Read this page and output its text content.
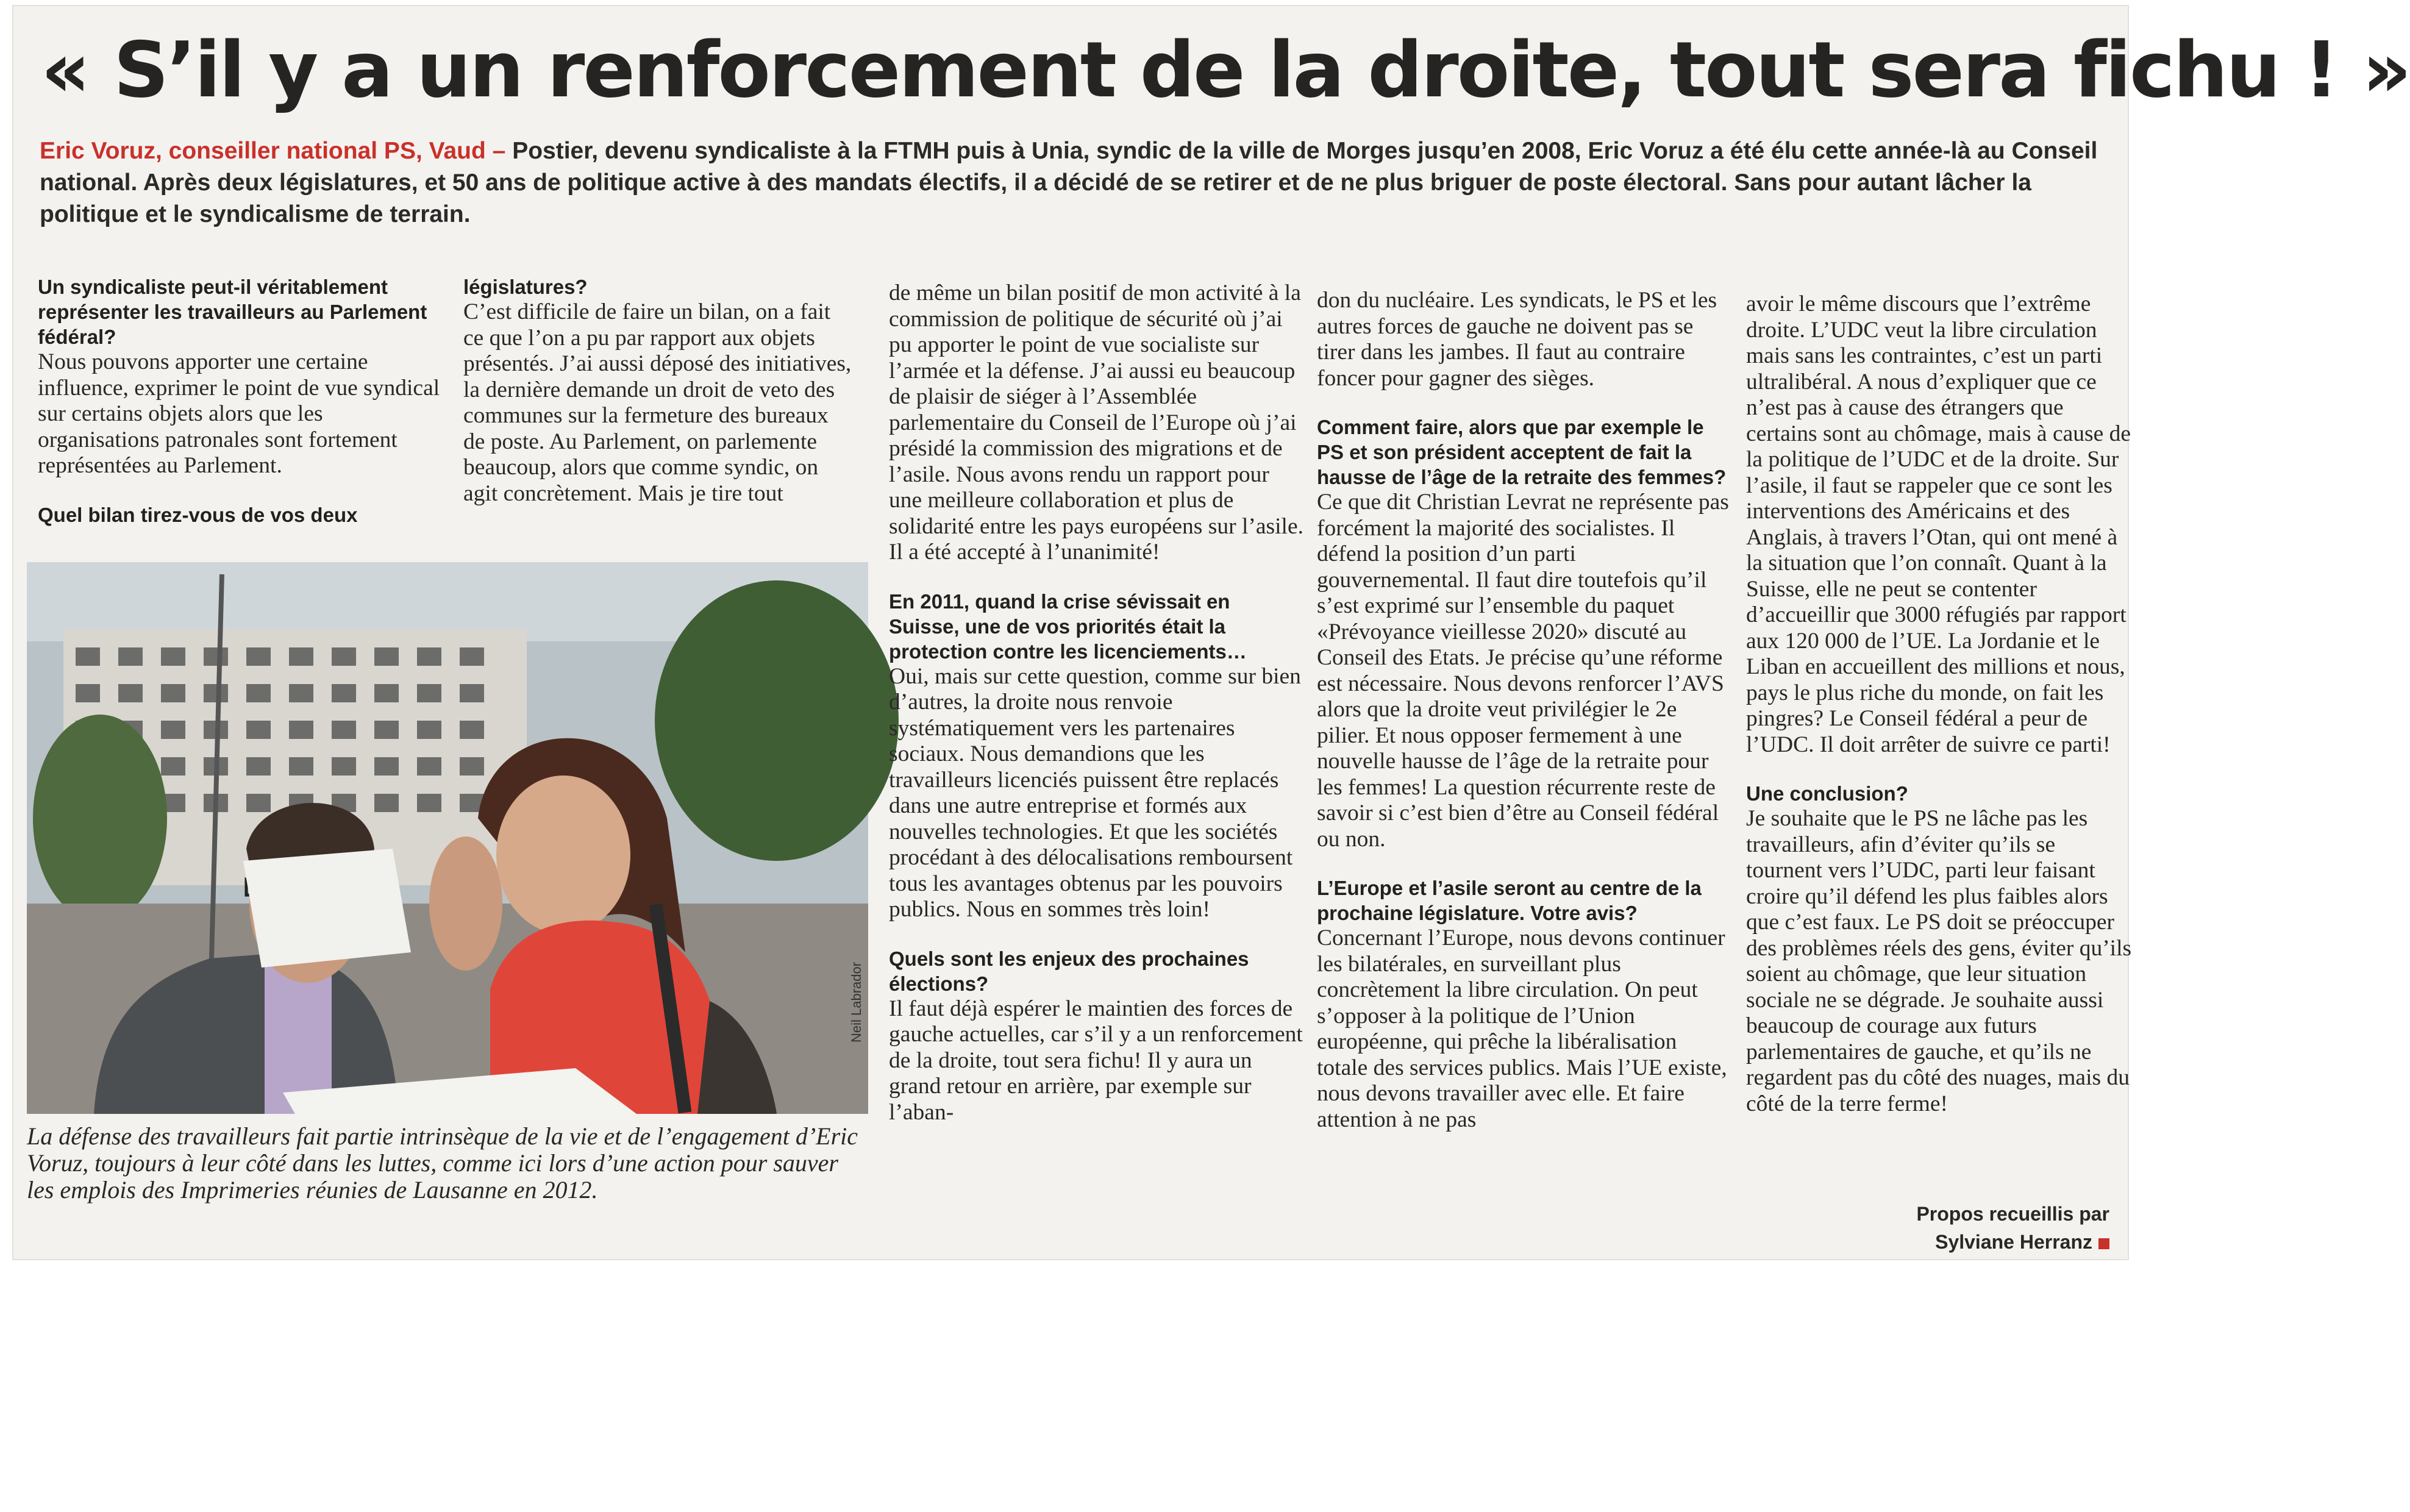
« S’il y a un renforcement de la droite, tout sera fichu ! »

Eric Voruz, conseiller national PS, Vaud – Postier, devenu syndicaliste à la FTMH puis à Unia, syndic de la ville de Morges jusqu’en 2008, Eric Voruz a été élu cette année-là au Conseil national. Après deux législatures, et 50 ans de politique active à des mandats électifs, il a décidé de se retirer et de ne plus briguer de poste électoral. Sans pour autant lâcher la politique et le syndicalisme de terrain.

Un syndicaliste peut-il véritablement représenter les travailleurs au Parlement fédéral?

Nous pouvons apporter une certaine influence, exprimer le point de vue syndical sur certains objets alors que les organisations patronales sont fortement représentées au Parlement.

Quel bilan tirez-vous de vos deux

législatures?

C’est difficile de faire un bilan, on a fait ce que l’on a pu par rapport aux objets présentés. J’ai aussi déposé des initiatives, la dernière demande un droit de veto des communes sur la fermeture des bureaux de poste. Au Parlement, on parlemente beaucoup, alors que comme syndic, on agit concrètement. Mais je tire tout

Neil Labrador

La défense des travailleurs fait partie intrinsèque de la vie et de l’engagement d’Eric Voruz, toujours à leur côté dans les luttes, comme ici lors d’une action pour sauver les emplois des Imprimeries réunies de Lausanne en 2012.

de même un bilan positif de mon activité à la commission de politique de sécurité où j’ai pu apporter le point de vue socialiste sur l’armée et la défense. J’ai aussi eu beaucoup de plaisir de siéger à l’Assemblée parlementaire du Conseil de l’Europe où j’ai présidé la commission des migrations et de l’asile. Nous avons rendu un rapport pour une meilleure collaboration et plus de solidarité entre les pays européens sur l’asile. Il a été accepté à l’unanimité!

En 2011, quand la crise sévissait en Suisse, une de vos priorités était la protection contre les licenciements…

Oui, mais sur cette question, comme sur bien d’autres, la droite nous renvoie systématiquement vers les partenaires sociaux. Nous demandions que les travailleurs licenciés puissent être replacés dans une autre entreprise et formés aux nouvelles technologies. Et que les sociétés procédant à des délocalisations remboursent tous les avantages obtenus par les pouvoirs publics. Nous en sommes très loin!

Quels sont les enjeux des prochaines élections?

Il faut déjà espérer le maintien des forces de gauche actuelles, car s’il y a un renforcement de la droite, tout sera fichu! Il y aura un grand retour en arrière, par exemple sur l’aban-

don du nucléaire. Les syndicats, le PS et les autres forces de gauche ne doivent pas se tirer dans les jambes. Il faut au contraire foncer pour gagner des sièges.

Comment faire, alors que par exemple le PS et son président acceptent de fait la hausse de l’âge de la retraite des femmes?

Ce que dit Christian Levrat ne représente pas forcément la majorité des socialistes. Il défend la position d’un parti gouvernemental. Il faut dire toutefois qu’il s’est exprimé sur l’ensemble du paquet «Prévoyance vieillesse 2020» discuté au Conseil des Etats. Je précise qu’une réforme est nécessaire. Nous devons renforcer l’AVS alors que la droite veut privilégier le 2e pilier. Et nous opposer fermement à une nouvelle hausse de l’âge de la retraite pour les femmes! La question récurrente reste de savoir si c’est bien d’être au Conseil fédéral ou non.

L’Europe et l’asile seront au centre de la prochaine législature. Votre avis?

Concernant l’Europe, nous devons continuer les bilatérales, en surveillant plus concrètement la libre circulation. On peut s’opposer à la politique de l’Union européenne, qui prêche la libéralisation totale des services publics. Mais l’UE existe, nous devons travailler avec elle. Et faire attention à ne pas

avoir le même discours que l’extrême droite. L’UDC veut la libre circulation mais sans les contraintes, c’est un parti ultralibéral. A nous d’expliquer que ce n’est pas à cause des étrangers que certains sont au chômage, mais à cause de la politique de l’UDC et de la droite. Sur l’asile, il faut se rappeler que ce sont les interventions des Américains et des Anglais, à travers l’Otan, qui ont mené à la situation que l’on connaît. Quant à la Suisse, elle ne peut se contenter d’accueillir que 3000 réfugiés par rapport aux 120 000 de l’UE. La Jordanie et le Liban en accueillent des millions et nous, pays le plus riche du monde, on fait les pingres? Le Conseil fédéral a peur de l’UDC. Il doit arrêter de suivre ce parti!

Une conclusion?

Je souhaite que le PS ne lâche pas les travailleurs, afin d’éviter qu’ils se tournent vers l’UDC, parti leur faisant croire qu’il défend les plus faibles alors que c’est faux. Le PS doit se préoccuper des problèmes réels des gens, éviter qu’ils soient au chômage, que leur situation sociale ne se dégrade. Je souhaite aussi beaucoup de courage aux futurs parlementaires de gauche, et qu’ils ne regardent pas du côté des nuages, mais du côté de la terre ferme!

Propos recueillis par
Sylviane Herranz
